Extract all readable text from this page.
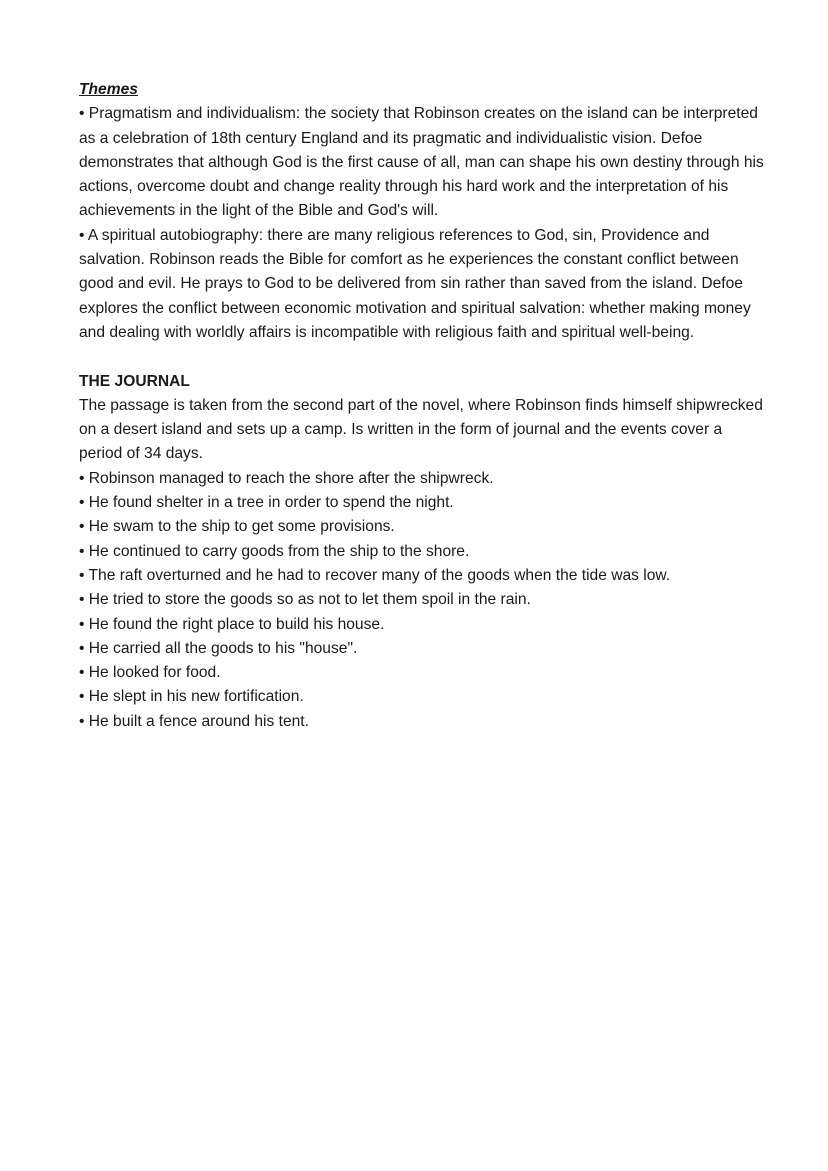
Themes

• Pragmatism and individualism: the society that Robinson creates on the island can be interpreted as a celebration of 18th century England and its pragmatic and individualistic vision. Defoe demonstrates that although God is the first cause of all, man can shape his own destiny through his actions, overcome doubt and change reality through his hard work and the interpretation of his achievements in the light of the Bible and God's will.

• A spiritual autobiography: there are many religious references to God, sin, Providence and salvation. Robinson reads the Bible for comfort as he experiences the constant conflict between good and evil. He prays to God to be delivered from sin rather than saved from the island. Defoe explores the conflict between economic motivation and spiritual salvation: whether making money and dealing with worldly affairs is incompatible with religious faith and spiritual well-being.

THE JOURNAL

The passage is taken from the second part of the novel, where Robinson finds himself shipwrecked on a desert island and sets up a camp. Is written in the form of journal and the events cover a period of 34 days.

• Robinson managed to reach the shore after the shipwreck.
• He found shelter in a tree in order to spend the night.
• He swam to the ship to get some provisions.
• He continued to carry goods from the ship to the shore.
• The raft overturned and he had to recover many of the goods when the tide was low.
• He tried to store the goods so as not to let them spoil in the rain.
• He found the right place to build his house.
• He carried all the goods to his "house".
• He looked for food.
• He slept in his new fortification.
• He built a fence around his tent.
